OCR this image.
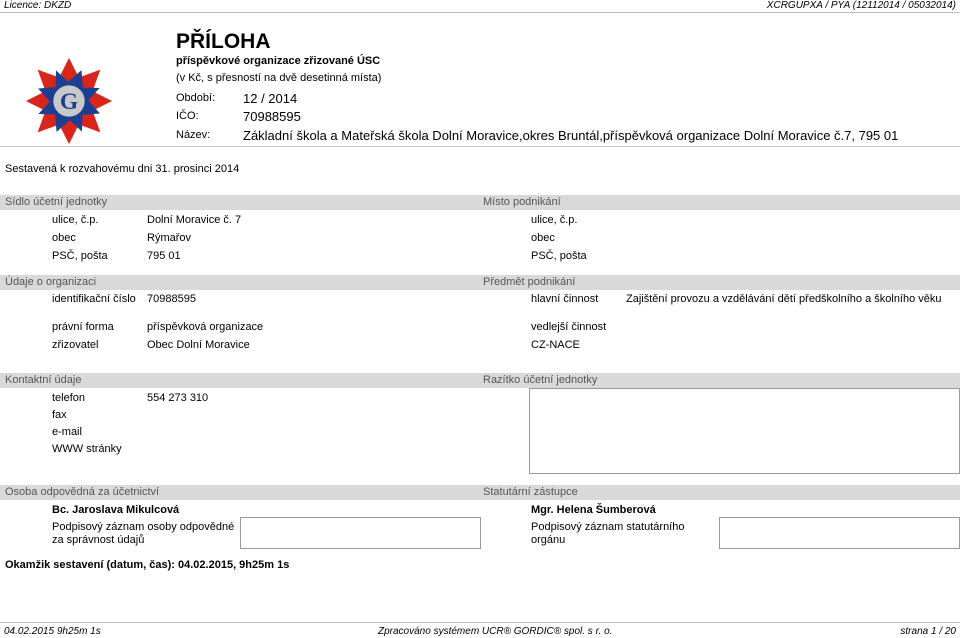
Licence: DKZD	XCRGUPXA / PYA (12112014 / 05032014)
G
PŘÍLOHA
příspěvkové organizace zřizované ÚSC
(v Kč, s přesností na dvě desetinná místa)
Období: 12 / 2014
IČO:	70988595
Název:	Základní škola a Mateřská škola Dolní Moravice,okres Bruntál,příspěvková organizace Dolní Moravice č.7, 795 01
Sestavená k rozvahovému dni 31. prosinci 2014
Sídlo účetní jednotky	Místo podnikání
ulice, č.p.	Dolní Moravice č. 7
obec	Rýmařov
PSČ, pošta	795 01
ulice, č.p.
obec
PSČ, pošta
Údaje o organizaci	Předmět podnikání
identifikační číslo 70988595
právní forma	příspěvková organizace
zřizovatel	Obec Dolní Moravice
hlavní činnost	Zajištění provozu a vzdělávání dětí předškolního a školního věku
vedlejší činnost
CZ-NACE
Kontaktní údaje	Razítko účetní jednotky
telefon	554 273 310
fax
e-mail
WWW stránky
Osoba odpovědná za účetnictví	Statutární zástupce
Bc. Jaroslava Mikulcová
Podpisový záznam osoby odpovědné za správnost údajů
Mgr. Helena Šumberová
Podpisový záznam statutárního orgánu
Okamžik sestavení (datum, čas): 04.02.2015, 9h25m 1s
04.02.2015 9h25m 1s	Zpracováno systémem UCR® GORDIC® spol. s r. o.	strana 1 / 20
